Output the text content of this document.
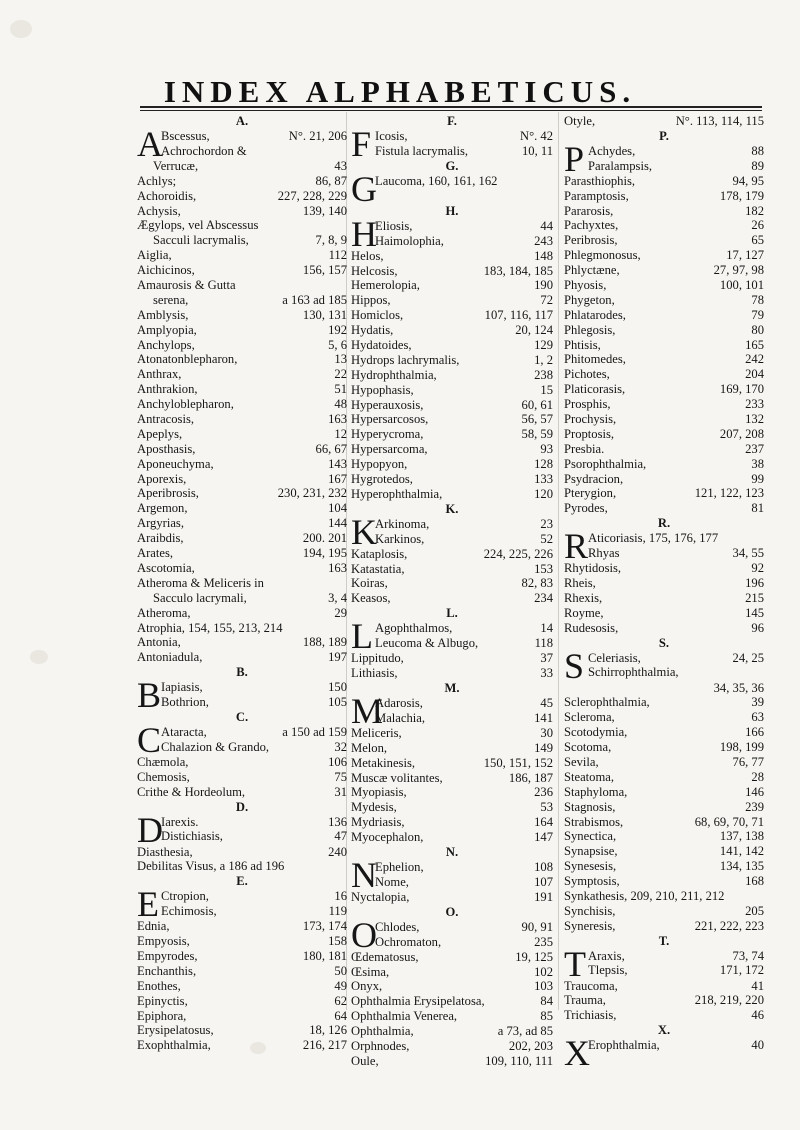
INDEX ALPHABETICUS.
A.
A
Bscessus,	N°. 21, 206
Achrochordon &
Verrucæ,	43
Achlys;	86, 87
Achoroidis,	227, 228, 229
Achysis,	139, 140
Ægylops, vel Abscessus
Sacculi lacrymalis,	7, 8, 9
Aiglia,	112
Aichicinos,	156, 157
Amaurosis & Gutta
serena,	a 163 ad 185
Amblysis,	130, 131
Amplyopia,	192
Anchylops,	5, 6
Atonatonblepharon,	13
Anthrax,	22
Anthrakion,	51
Anchyloblepharon,	48
Antracosis,	163
Apeplys,	12
Aposthasis,	66, 67
Aponeuchyma,	143
Aporexis,	167
Aperibrosis,	230, 231, 232
Argemon,	104
Argyrias,	144
Araibdis,	200. 201
Arates,	194, 195
Ascotomia,	163
Atheroma & Meliceris in
Sacculo lacrymali,	3, 4
Atheroma,	29
Atrophia, 154, 155, 213, 214
Antonia,	188, 189
Antoniadula,	197
B.
B Iapiasis,	150
Bothrion,	105
C.
C Ataracta,	a 150 ad 159
Chalazion & Grando,	32
Chæmola,	106
Chemosis,	75
Crithe & Hordeolum,	31
D.
D
Iarexis.	136
Distichiasis,	47
Diasthesia,	240
Debilitas Visus, a 186 ad 196
E.
E Ctropion,	16
Echimosis,	119
Ednia,	173, 174
Empyosis,	158
Empyrodes,	180, 181
Enchanthis,	50
Enothes,	49
Epinyctis,	62
Epiphora,	64
Erysipelatosus,	18, 126
Exophthalmia,	216, 217
F.
F Icosis,	N°. 42
Fistula lacrymalis,	10, 11
G.
G
Laucoma, 160, 161, 162
H.
H
Eliosis,	44
Haimolophia,	243
Helos,	148
Helcosis,	183, 184, 185
Hemerolopia,	190
Hippos,	72
Homiclos,	107, 116, 117
Hydatis,	20, 124
Hydatoides,	129
Hydrops lachrymalis,	1, 2
Hydrophthalmia,	238
Hypophasis,	15
Hyperauxosis,	60, 61
Hypersarcosos,	56, 57
Hyperycroma,	58, 59
Hypersarcoma,	93
Hypopyon,	128
Hygrotedos,	133
Hyperophthalmia,	120
K.
K
Arkinoma,	23
Karkinos,	52
Kataplosis,	224, 225, 226
Katastatia,	153
Koiras,	82, 83
Keasos,	234
L.
L Agophthalmos,	14
Leucoma & Albugo,	118
Lippitudo,	37
Lithiasis,	33
M.
M
Adarosis,	45
Malachia,	141
Meliceris,	30
Melon,	149
Metakinesis,	150, 151, 152
Muscæ volitantes,	186, 187
Myopiasis,	236
Mydesis,	53
Mydriasis,	164
Myocephalon,	147
N.
N
Ephelion,	108
Nome,	107
Nyctalopia,	191
O.
O
Chlodes,	90, 91
Ochromaton,	235
Œdematosus,	19, 125
Œsima,	102
Onyx,	103
Ophthalmia Erysipelatosa,	84
Ophthalmia Venerea,	85
Ophthalmia,	a 73, ad 85
Orphnodes,	202, 203
Oule,	109, 110, 111
Otyle,	N°. 113, 114, 115
P.
P Achydes,	88
Paralampsis,	89
Parasthiophis,	94, 95
Paramptosis,	178, 179
Pararosis,	182
Pachyxtes,	26
Peribrosis,	65
Phlegmonosus,	17, 127
Phlyctæne,	27, 97, 98
Phyosis,	100, 101
Phygeton,	78
Phlatarodes,	79
Phlegosis,	80
Phtisis,	165
Phitomedes,	242
Pichotes,	204
Platicorasis,	169, 170
Prosphis,	233
Prochysis,	132
Proptosis,	207, 208
Presbia.	237
Psorophthalmia,	38
Psydracion,	99
Pterygion,	121, 122, 123
Pyrodes,	81
R.
R Aticoriasis, 175, 176, 177
Rhyas	34, 55
Rhytidosis,	92
Rheis,	196
Rhexis,	215
Royme,	145
Rudesosis,	96
S.
S Celeriasis,	24, 25
Schirrophthalmia,
34, 35, 36
Sclerophthalmia,	39
Scleroma,	63
Scotodymia,	166
Scotoma,	198, 199
Sevila,	76, 77
Steatoma,	28
Staphyloma,	146
Stagnosis,	239
Strabismos,	68, 69, 70, 71
Synectica,	137, 138
Synapsise,	141, 142
Synesesis,	134, 135
Symptosis,	168
Synkathesis, 209, 210, 211, 212
Synchisis,	205
Syneresis,	221, 222, 223
T.
T Araxis,	73, 74
Tlepsis,	171, 172
Traucoma,	41
Trauma,	218, 219, 220
Trichiasis,	46
X.
X
Erophthalmia,	40
